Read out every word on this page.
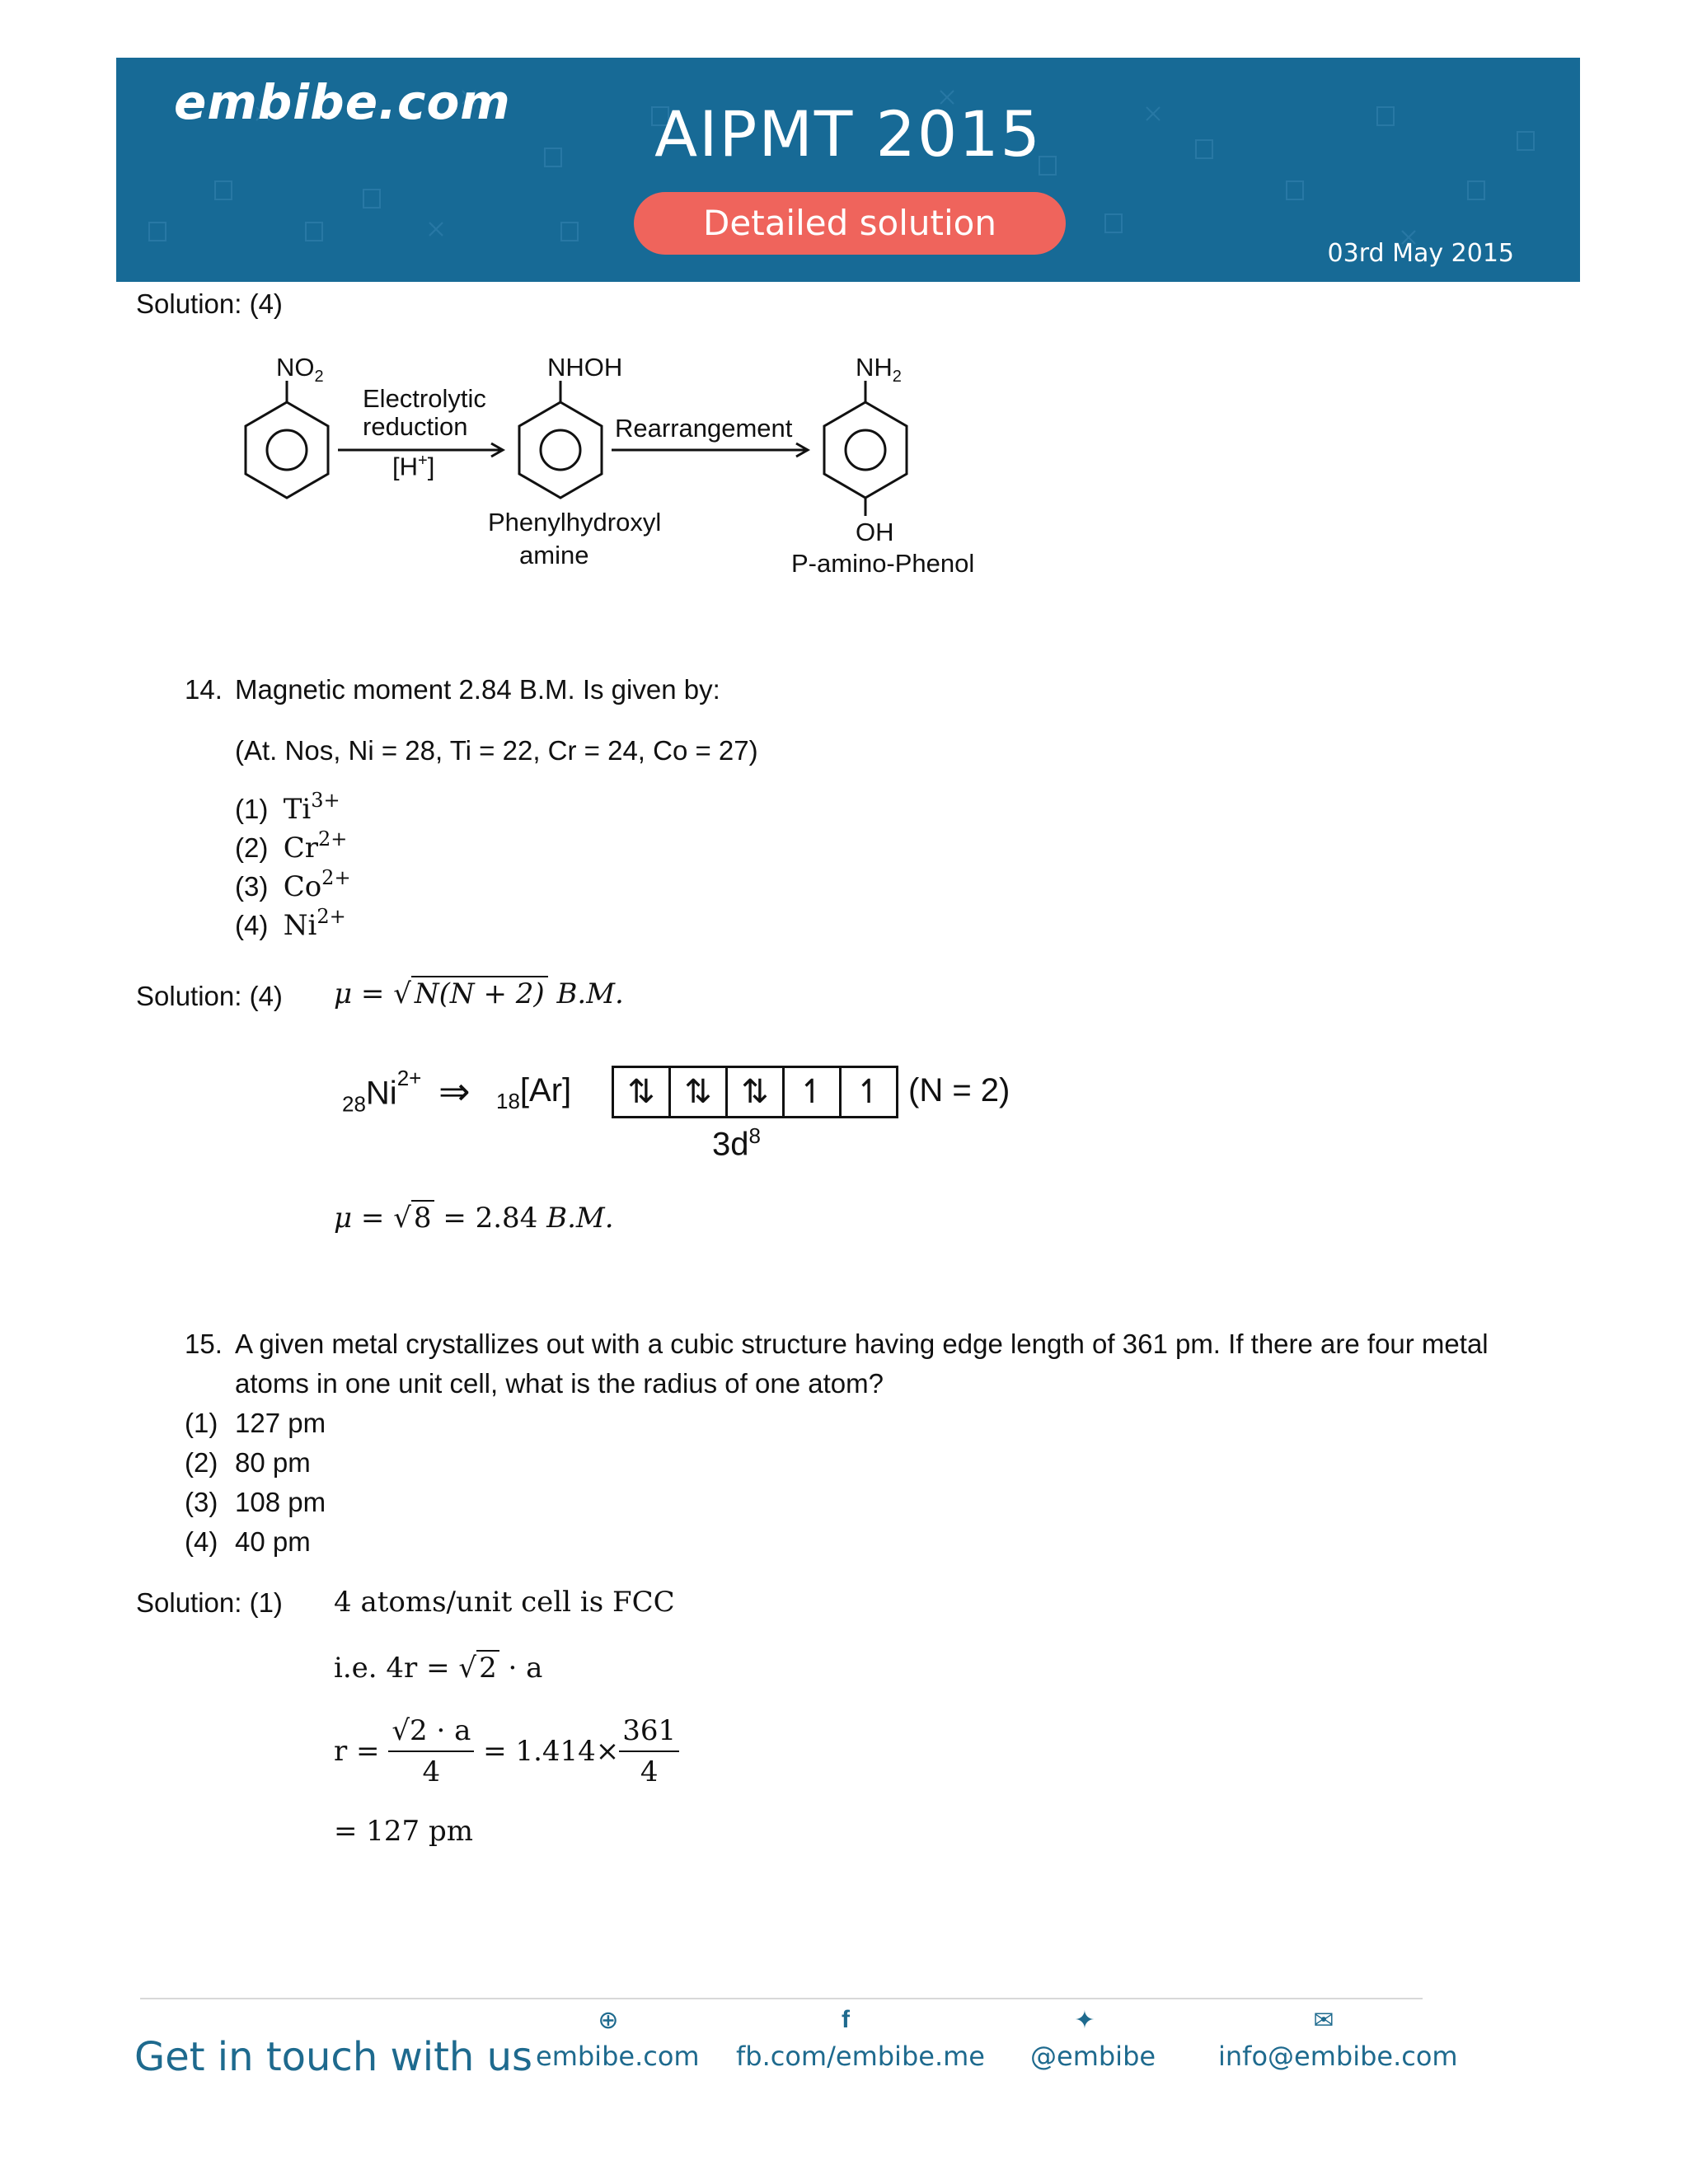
embibe.com	AIPMT 2015
Detailed solution
03rd May 2015
Solution: (4)
$NO_2$
Electrolytic
reduction
[H+]
NHOH
Rearrangement
Phenylhydroxyl
amine
$NH_2$
OH
P-amino-Phenol
14. Magnetic moment 2.84 B.M. Is given by:
(At. Nos, Ni = 28, Ti = 22, Cr = 24, Co = 27)
(1) $Ti^{3+}$
(2) $Cr^{2+}$
(3) $Co^{2+}$
(4) $Ni^{2+}$
Solution: (4) μ = √ N(N + 2) B.M.
$_{28}Ni^{2+}$ ⇒ $_{18}$[Ar]	⇅ ⇅ ⇅ ↿ ↿ (N = 2)
$3d^8$
μ = √8 = 2.84 B.M.
15. A given metal crystallizes out with a cubic structure having edge length of 361 pm. If there are four metal
atoms in one unit cell, what is the radius of one atom?
(1) 127 pm
(2) 80 pm
(3) 108 pm
(4) 40 pm
Solution: (1) 4 atoms/unit cell is FCC
i.e. 4r = √2 · a
$r = \frac{√2 \cdot a}{4} = 1.414\times \frac{361}{4}$
= 127 pm
Get in touch with us
⊕
embibe.com
f
fb.com/embibe.me
✦
@embibe
✉
info@embibe.com
